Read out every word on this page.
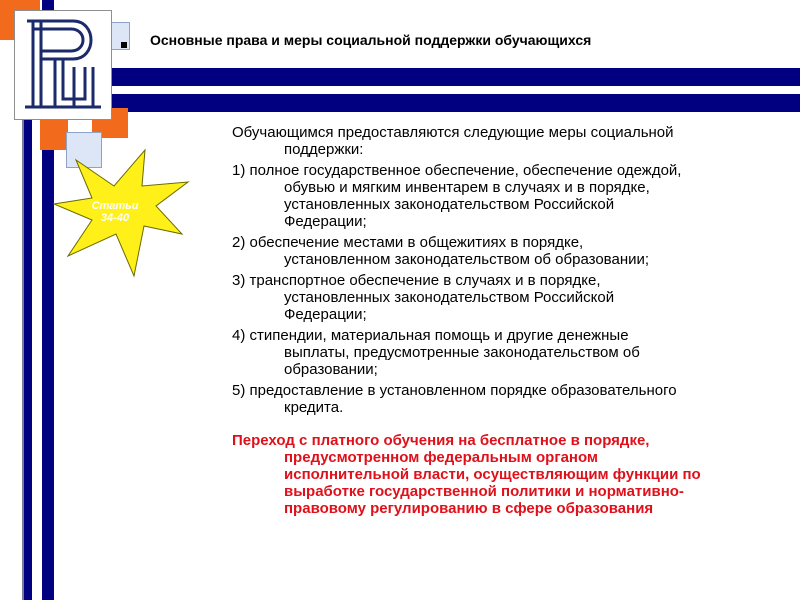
Основные права и меры социальной поддержки обучающихся
Статьи
34-40

Обучающимся предоставляются следующие меры социальной
поддержки:

1) полное государственное обеспечение, обеспечение одеждой,
обувью и мягким инвентарем в случаях и в порядке,
установленных законодательством Российской
Федерации;

2) обеспечение местами в общежитиях в порядке,
установленном законодательством об образовании;

3) транспортное обеспечение в случаях и в порядке,
установленных законодательством Российской
Федерации;

4) стипендии, материальная помощь и другие денежные
выплаты, предусмотренные законодательством об
образовании;

5) предоставление в установленном порядке образовательного
кредита.

Переход с платного обучения на бесплатное в порядке,
предусмотренном федеральным органом
исполнительной власти, осуществляющим функции по
выработке государственной политики и нормативно-
правовому регулированию в сфере образования
